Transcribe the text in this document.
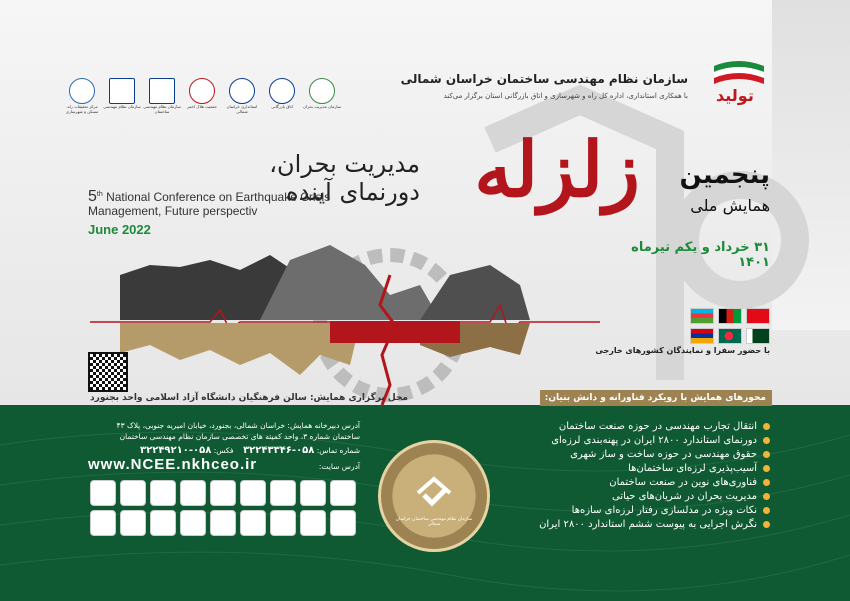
تولید
سازمان نظام مهندسی ساختمان خراسان شمالی
با همکاری استانداری، اداره کل راه و شهرسازی و اتاق بازرگانی استان برگزار می‌کند
سازمان مدیریت بحران
اتاق بازرگانی
استانداری خراسان شمالی
جمعیت هلال احمر
سازمان نظام مهندسی ساختمان
سازمان نظام مهندسی
مرکز تحقیقات راه، مسکن و شهرسازی
پنجمین
همایش ملی
زلزله
مدیریت بحران، دورنمای آینده
5th National Conference on Earthquake Crisis
Management, Future perspectiv
June 2022
۳۱ خرداد و یکم تیرماه ۱۴۰۱
با حضور سفرا و نمایندگان کشورهای خارجی
محل برگزاری همایش: سالن فرهنگیان دانشگاه آزاد اسلامی واحد بجنورد
آدرس دبیرخانه همایش: خراسان شمالی، بجنورد، خیابان امیریه جنوبی، پلاک ۴۳
ساختمان شماره ۳، واحد کمیته های تخصصی سازمان نظام مهندسی ساختمان
شماره تماس: ۰۵۸-۳۲۲۴۳۳۴۶    فکس: ۰۵۸-۳۲۲۴۹۲۱۰
www.NCEE.nkhceo.ir	آدرس سایت:
سازمان نظام مهندسی ساختمان خراسان شمالی
محورهای همایش با رویکرد فناورانه و دانش بنیان:
انتقال تجارب مهندسی در حوزه صنعت ساختمان
دورنمای استاندارد ۲۸۰۰ ایران در پهنه‌بندی لرزه‌ای
حقوق مهندسی در حوزه ساخت و ساز شهری
آسیب‌پذیری لرزه‌ای ساختمان‌ها
فناوری‌های نوین در صنعت ساختمان
مدیریت بحران در شریان‌های حیاتی
نکات ویژه در مدلسازی رفتار لرزه‌ای سازه‌ها
نگرش اجرایی به پیوست ششم استاندارد ۲۸۰۰ ایران
